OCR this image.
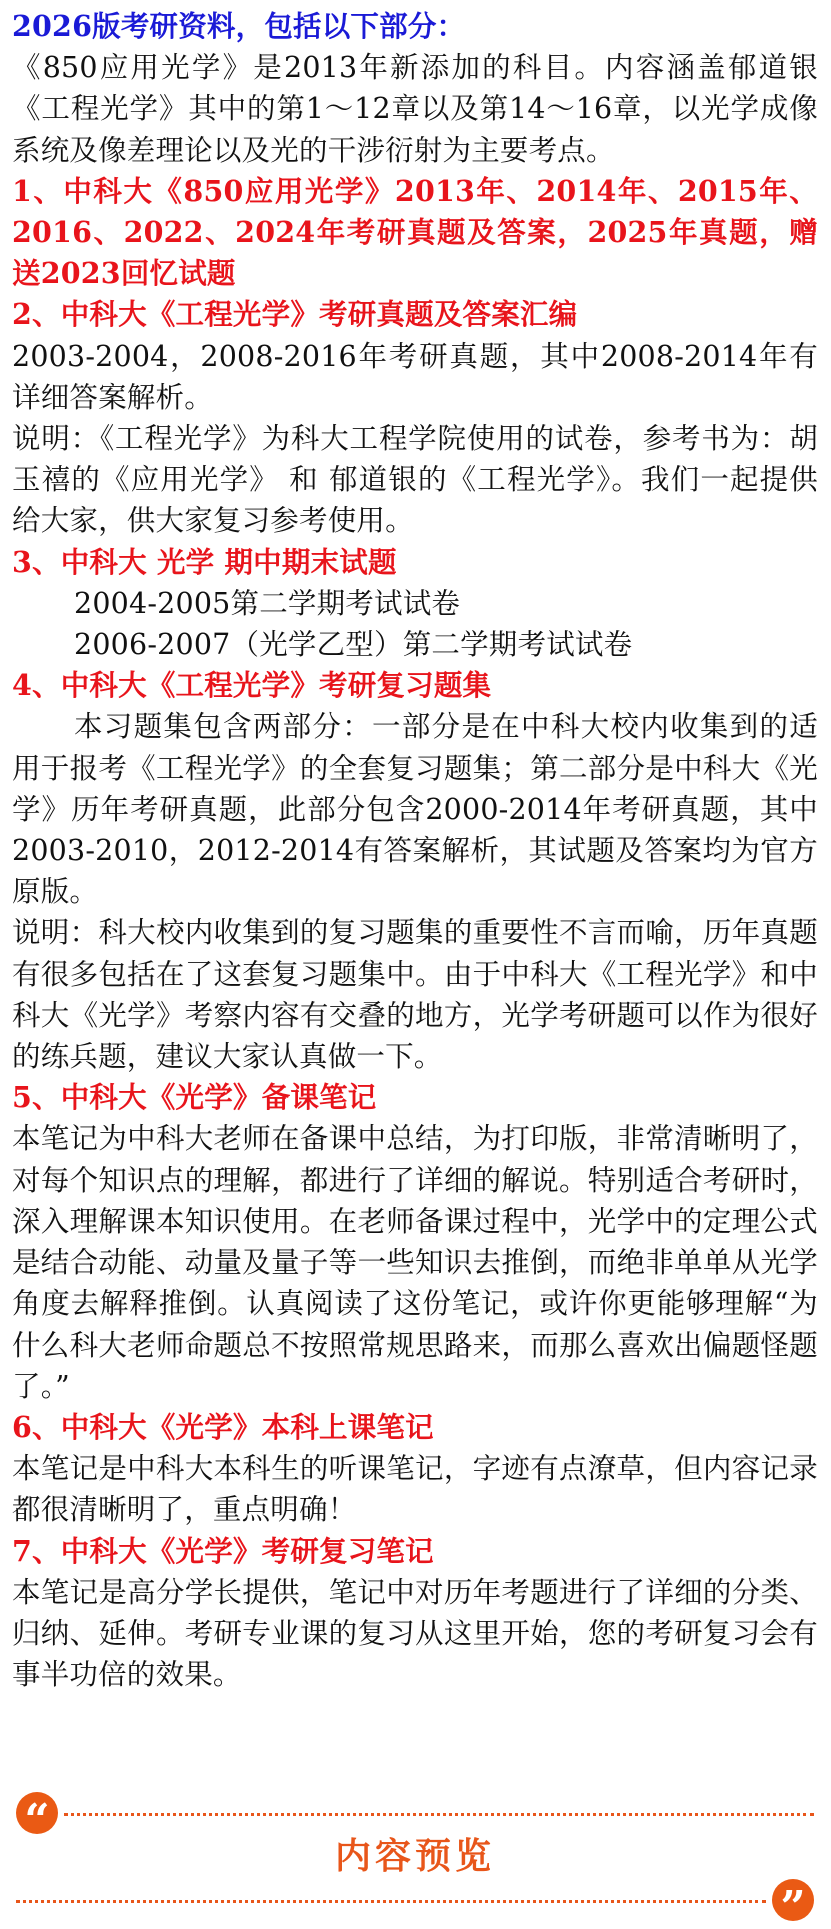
2026版考研资料，包括以下部分：

《850应用光学》是2013年新添加的科目。内容涵盖郁道银《工程光学》其中的第1～12章以及第14～16章，以光学成像系统及像差理论以及光的干涉衍射为主要考点。

1、中科大《850应用光学》2013年、2014年、2015年、2016、2022、2024年考研真题及答案，2025年真题，赠送2023回忆试题

2、中科大《工程光学》考研真题及答案汇编

2003-2004，2008-2016年考研真题，其中2008-2014年有详细答案解析。

说明：《工程光学》为科大工程学院使用的试卷，参考书为：胡玉禧的《应用光学》 和 郁道银的《工程光学》。我们一起提供给大家，供大家复习参考使用。

3、中科大 光学 期中期末试题

2004-2005第二学期考试试卷

2006-2007（光学乙型）第二学期考试试卷

4、中科大《工程光学》考研复习题集

本习题集包含两部分：一部分是在中科大校内收集到的适用于报考《工程光学》的全套复习题集；第二部分是中科大《光学》历年考研真题，此部分包含2000-2014年考研真题，其中2003-2010，2012-2014有答案解析，其试题及答案均为官方原版。

说明：科大校内收集到的复习题集的重要性不言而喻，历年真题有很多包括在了这套复习题集中。由于中科大《工程光学》和中科大《光学》考察内容有交叠的地方，光学考研题可以作为很好的练兵题，建议大家认真做一下。

5、中科大《光学》备课笔记

本笔记为中科大老师在备课中总结，为打印版，非常清晰明了，对每个知识点的理解，都进行了详细的解说。特别适合考研时，深入理解课本知识使用。在老师备课过程中，光学中的定理公式是结合动能、动量及量子等一些知识去推倒，而绝非单单从光学角度去解释推倒。认真阅读了这份笔记，或许你更能够理解“为什么科大老师命题总不按照常规思路来，而那么喜欢出偏题怪题了。”

6、中科大《光学》本科上课笔记

本笔记是中科大本科生的听课笔记，字迹有点潦草，但内容记录都很清晰明了，重点明确！

7、中科大《光学》考研复习笔记

本笔记是高分学长提供，笔记中对历年考题进行了详细的分类、归纳、延伸。考研专业课的复习从这里开始，您的考研复习会有事半功倍的效果。

“
内容预览
”
